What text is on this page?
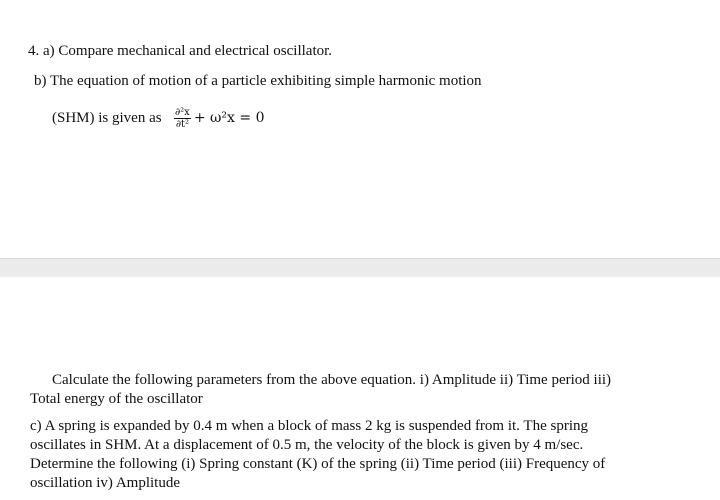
4. a) Compare mechanical and electrical oscillator.
b) The equation of motion of a particle exhibiting simple harmonic motion
(SHM) is given as $\frac{\text{∂²x}}{\text{∂t²}} + \omega^2x = 0$
Calculate the following parameters from the above equation. i) Amplitude ii) Time period iii)
Total energy of the oscillator
c) A spring is expanded by 0.4 m when a block of mass 2 kg is suspended from it. The spring
oscillates in SHM. At a displacement of 0.5 m, the velocity of the block is given by 4 m/sec.
Determine the following (i) Spring constant (K) of the spring (ii) Time period (iii) Frequency of
oscillation iv) Amplitude
